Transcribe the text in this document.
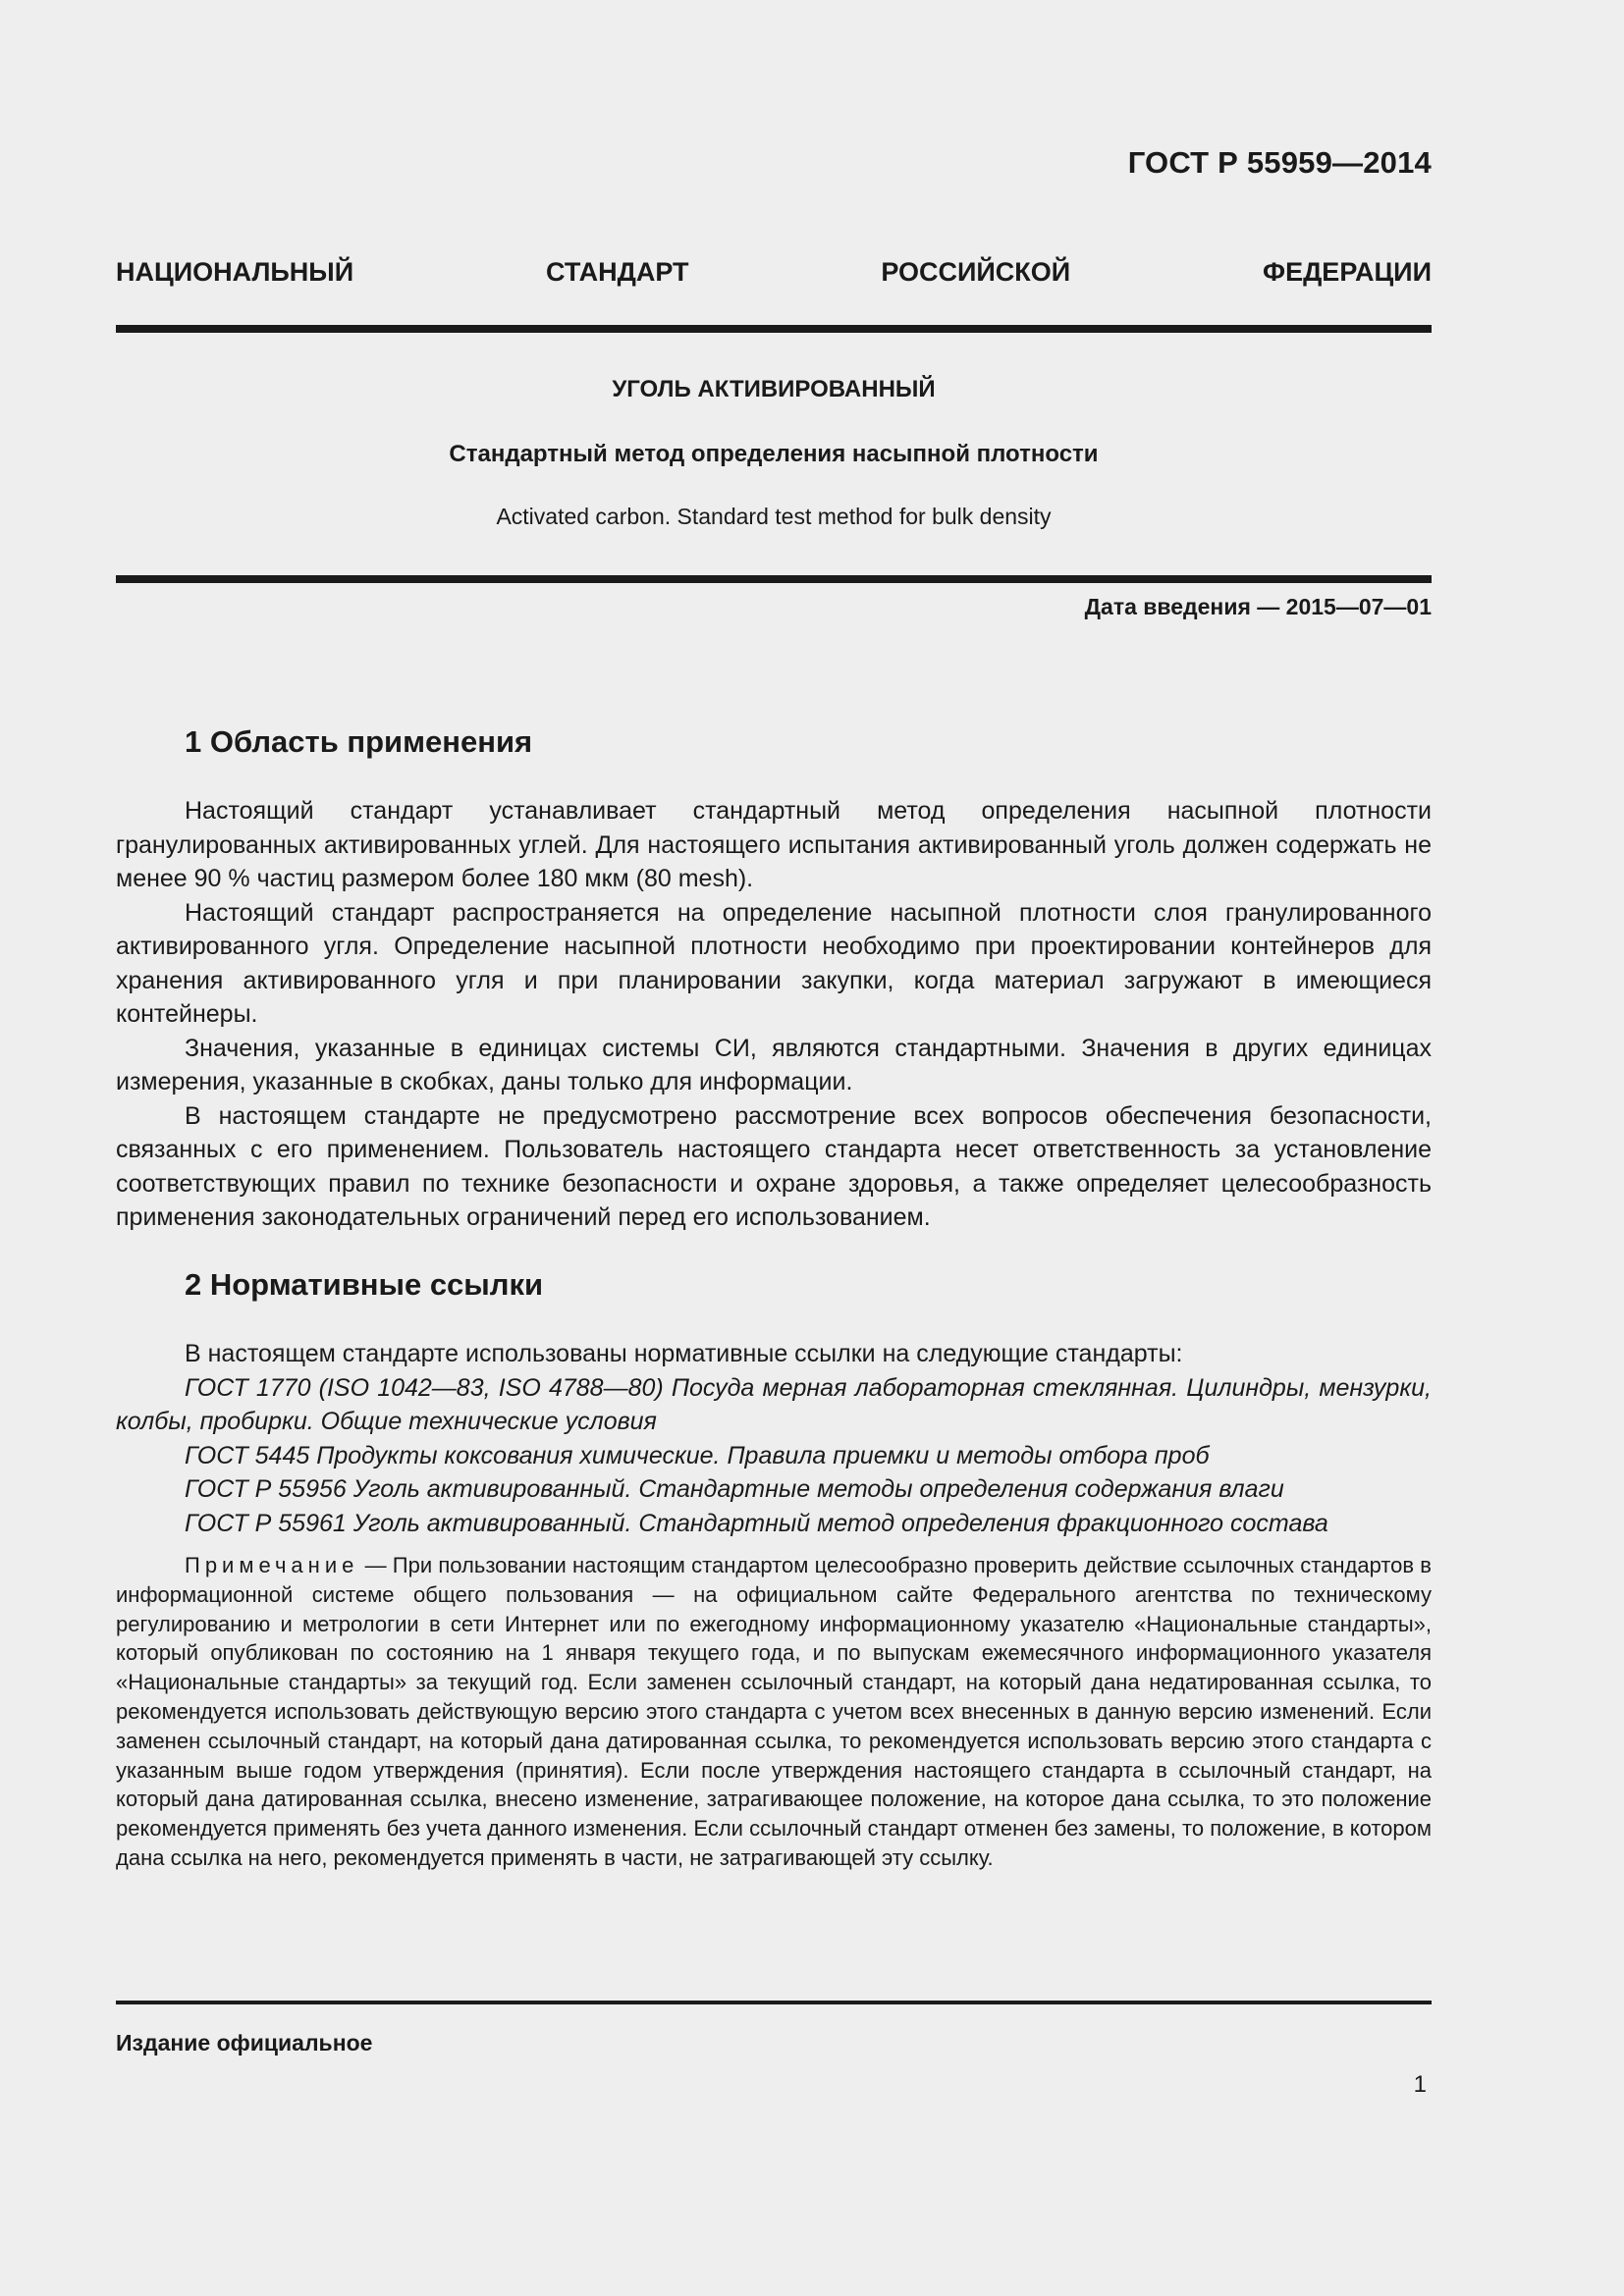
ГОСТ Р 55959—2014
НАЦИОНАЛЬНЫЙ СТАНДАРТ РОССИЙСКОЙ ФЕДЕРАЦИИ
УГОЛЬ АКТИВИРОВАННЫЙ
Стандартный метод определения насыпной плотности
Activated carbon. Standard test method for bulk density
Дата введения — 2015—07—01
1 Область применения

Настоящий стандарт устанавливает стандартный метод определения насыпной плотности гранулированных активированных углей. Для настоящего испытания активированный уголь должен содержать не менее 90 % частиц размером более 180 мкм (80 mesh).

Настоящий стандарт распространяется на определение насыпной плотности слоя гранулированного активированного угля. Определение насыпной плотности необходимо при проектировании контейнеров для хранения активированного угля и при планировании закупки, когда материал загружают в имеющиеся контейнеры.

Значения, указанные в единицах системы СИ, являются стандартными. Значения в других единицах измерения, указанные в скобках, даны только для информации.

В настоящем стандарте не предусмотрено рассмотрение всех вопросов обеспечения безопасности, связанных с его применением. Пользователь настоящего стандарта несет ответственность за установление соответствующих правил по технике безопасности и охране здоровья, а также определяет целесообразность применения законодательных ограничений перед его использованием.

2 Нормативные ссылки

В настоящем стандарте использованы нормативные ссылки на следующие стандарты:

ГОСТ 1770 (ISO 1042—83, ISO 4788—80) Посуда мерная лабораторная стеклянная. Цилиндры, мензурки, колбы, пробирки. Общие технические условия

ГОСТ 5445 Продукты коксования химические. Правила приемки и методы отбора проб

ГОСТ Р 55956 Уголь активированный. Стандартные методы определения содержания влаги

ГОСТ Р 55961 Уголь активированный. Стандартный метод определения фракционного состава

Примечание — При пользовании настоящим стандартом целесообразно проверить действие ссылочных стандартов в информационной системе общего пользования — на официальном сайте Федерального агентства по техническому регулированию и метрологии в сети Интернет или по ежегодному информационному указателю «Национальные стандарты», который опубликован по состоянию на 1 января текущего года, и по выпускам ежемесячного информационного указателя «Национальные стандарты» за текущий год. Если заменен ссылочный стандарт, на который дана недатированная ссылка, то рекомендуется использовать действующую версию этого стандарта с учетом всех внесенных в данную версию изменений. Если заменен ссылочный стандарт, на который дана датированная ссылка, то рекомендуется использовать версию этого стандарта с указанным выше годом утверждения (принятия). Если после утверждения настоящего стандарта в ссылочный стандарт, на который дана датированная ссылка, внесено изменение, затрагивающее положение, на которое дана ссылка, то это положение рекомендуется применять без учета данного изменения. Если ссылочный стандарт отменен без замены, то положение, в котором дана ссылка на него, рекомендуется применять в части, не затрагивающей эту ссылку.
Издание официальное
1
